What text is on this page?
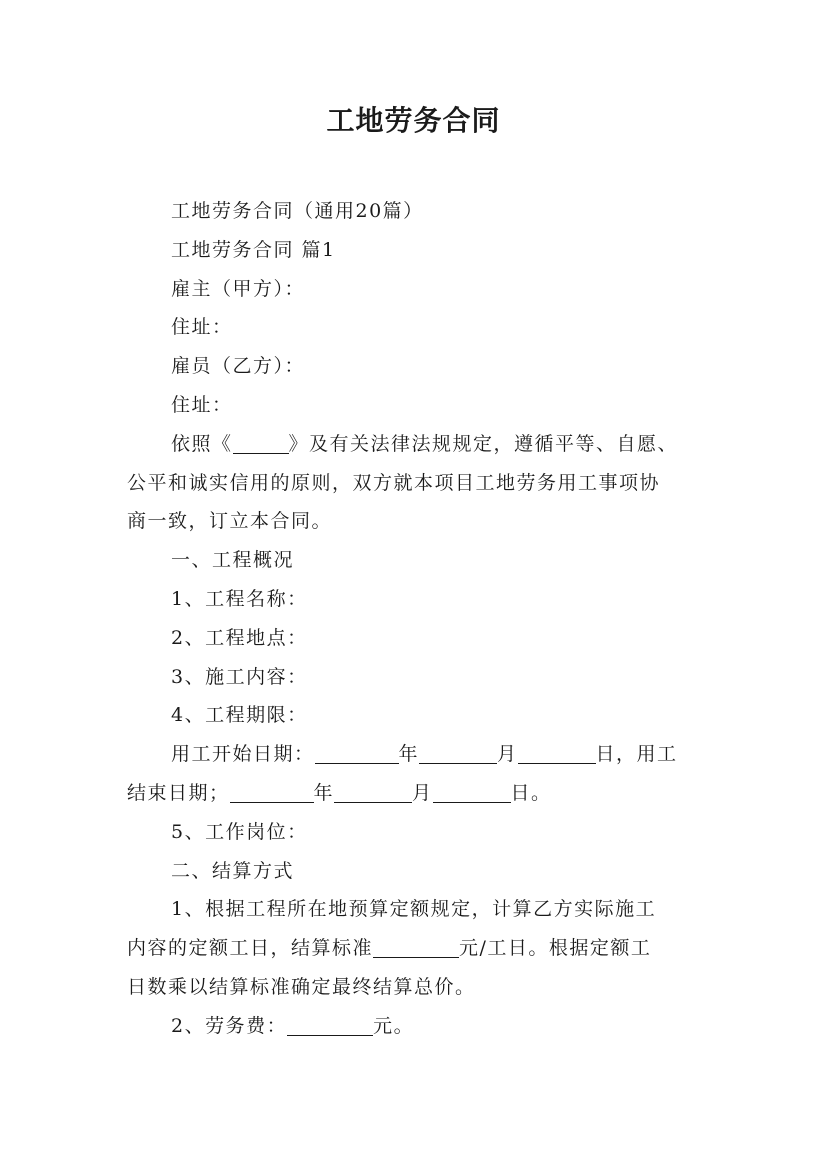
工地劳务合同
工地劳务合同（通用20篇）
工地劳务合同 篇1
雇主（甲方）：
住址：
雇员（乙方）：
住址：
依照《	》及有关法律法规规定，遵循平等、自愿、
公平和诚实信用的原则，双方就本项目工地劳务用工事项协
商一致，订立本合同。
一、工程概况
1、工程名称：
2、工程地点：
3、施工内容：
4、工程期限：
用工开始日期：	年	月	日，用工
结束日期；	年	月	日。
5、工作岗位：
二、结算方式
1、根据工程所在地预算定额规定，计算乙方实际施工
内容的定额工日，结算标准	元/工日。根据定额工
日数乘以结算标准确定最终结算总价。
2、劳务费：	元。
